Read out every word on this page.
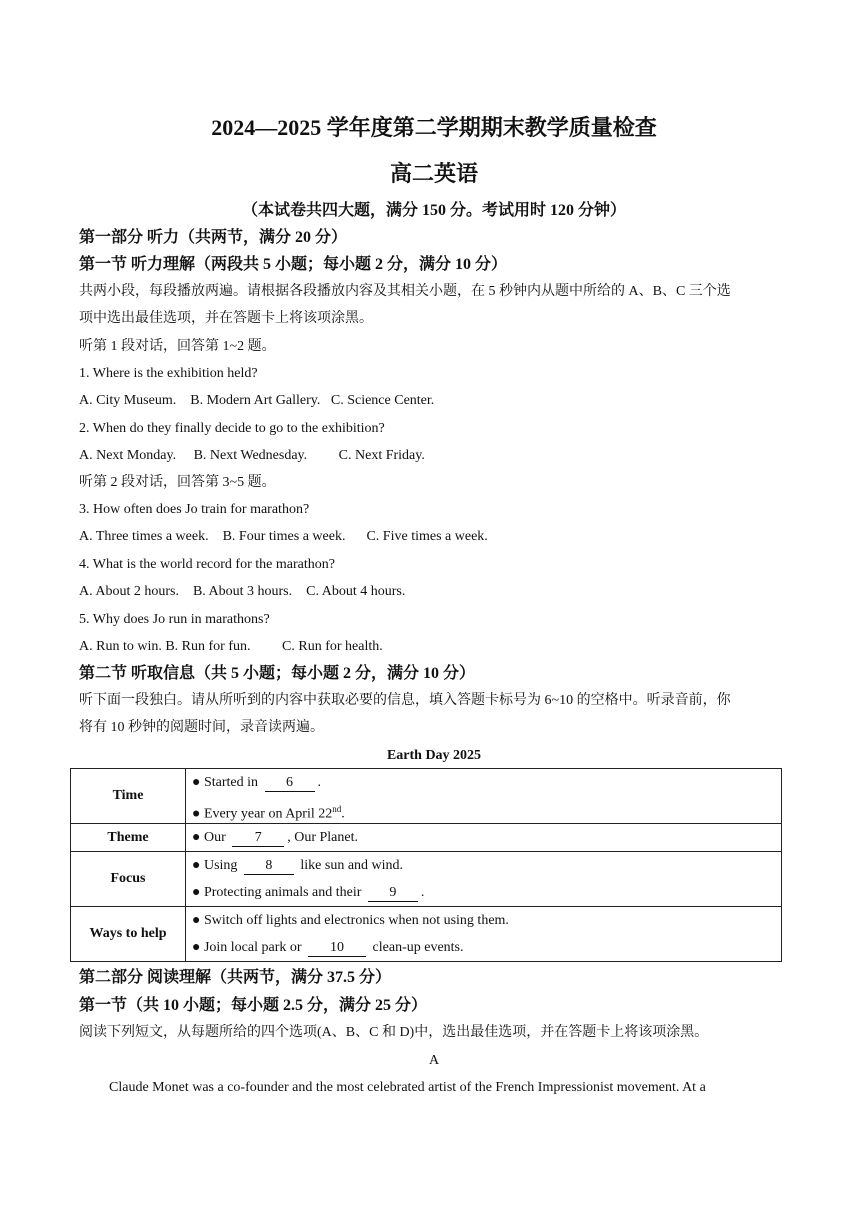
2024—2025 学年度第二学期期末教学质量检查
高二英语
（本试卷共四大题，满分 150 分。考试用时 120 分钟）
第一部分 听力（共两节，满分 20 分）
第一节 听力理解（两段共 5 小题；每小题 2 分，满分 10 分）
共两小段，每段播放两遍。请根据各段播放内容及其相关小题，在 5 秒钟内从题中所给的 A、B、C 三个选
项中选出最佳选项，并在答题卡上将该项涂黑。
听第 1 段对话，回答第 1~2 题。
1. Where is the exhibition held?
A. City Museum. B. Modern Art Gallery. C. Science Center.
2. When do they finally decide to go to the exhibition?
A. Next Monday. B. Next Wednesday. C. Next Friday.
听第 2 段对话，回答第 3~5 题。
3. How often does Jo train for marathon?
A. Three times a week. B. Four times a week. C. Five times a week.
4. What is the world record for the marathon?
A. About 2 hours. B. About 3 hours. C. About 4 hours.
5. Why does Jo run in marathons?
A. Run to win. B. Run for fun. C. Run for health.
第二节 听取信息（共 5 小题；每小题 2 分，满分 10 分）
听下面一段独白。请从所听到的内容中获取必要的信息，填入答题卡标号为 6~10 的空格中。听录音前，你
将有 10 秒钟的阅题时间，录音读两遍。
Earth Day 2025
Time	● Started in 6 .
● Every year on April 22nd.

Theme	● Our 7 , Our Planet.

Focus	● Using 8 like sun and wind.
● Protecting animals and their 9 .

Ways to help	● Switch off lights and electronics when not using them.
● Join local park or 10 clean-up events.
第二部分 阅读理解（共两节，满分 37.5 分）
第一节（共 10 小题；每小题 2.5 分，满分 25 分）
阅读下列短文，从每题所给的四个选项(A、B、C 和 D)中，选出最佳选项，并在答题卡上将该项涂黑。
A
Claude Monet was a co-founder and the most celebrated artist of the French Impressionist movement. At a
